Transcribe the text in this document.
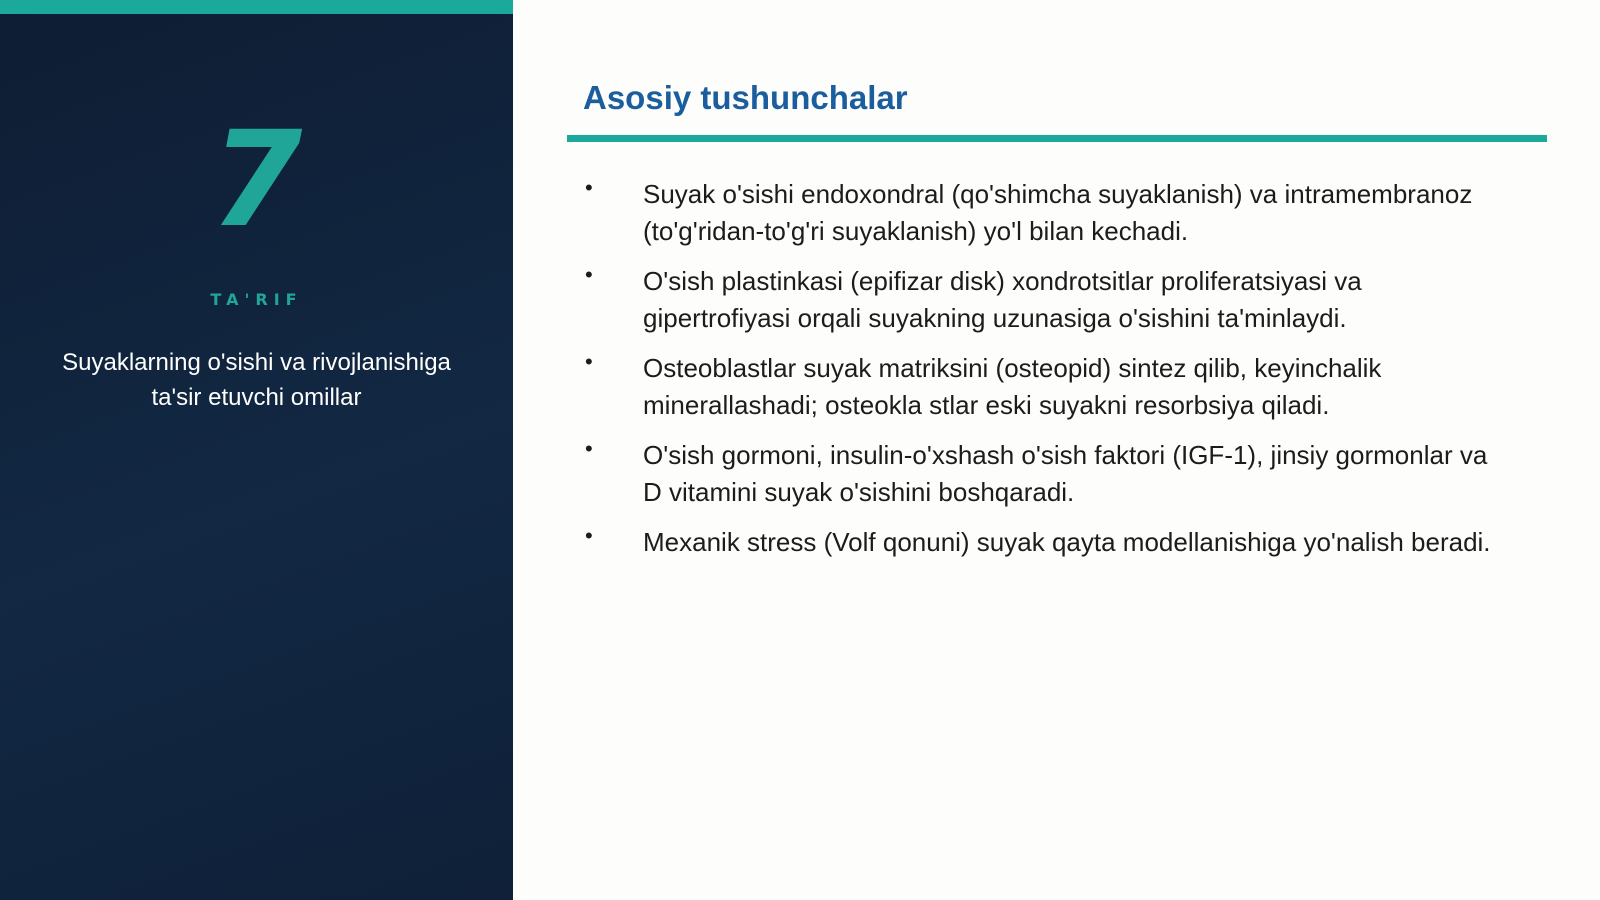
7
TA'RIF
Suyaklarning o'sishi va rivojlanishiga ta'sir etuvchi omillar
Asosiy tushunchalar
• Suyak o'sishi endoxondral (qo'shimcha suyaklanish) va intramembranoz (to'g'ridan-to'g'ri suyaklanish) yo'l bilan kechadi.
• O'sish plastinkasi (epifizar disk) xondrotsitlar proliferatsiyasi va gipertrofiyasi orqali suyakning uzunasiga o'sishini ta'minlaydi.
• Osteoblastlar suyak matriksini (osteopid) sintez qilib, keyinchalik minerallashadi; osteokla stlar eski suyakni resorbsiya qiladi.
• O'sish gormoni, insulin-o'xshash o'sish faktori (IGF-1), jinsiy gormonlar va D vitamini suyak o'sishini boshqaradi.
• Mexanik stress (Volf qonuni) suyak qayta modellanishiga yo'nalish beradi.
